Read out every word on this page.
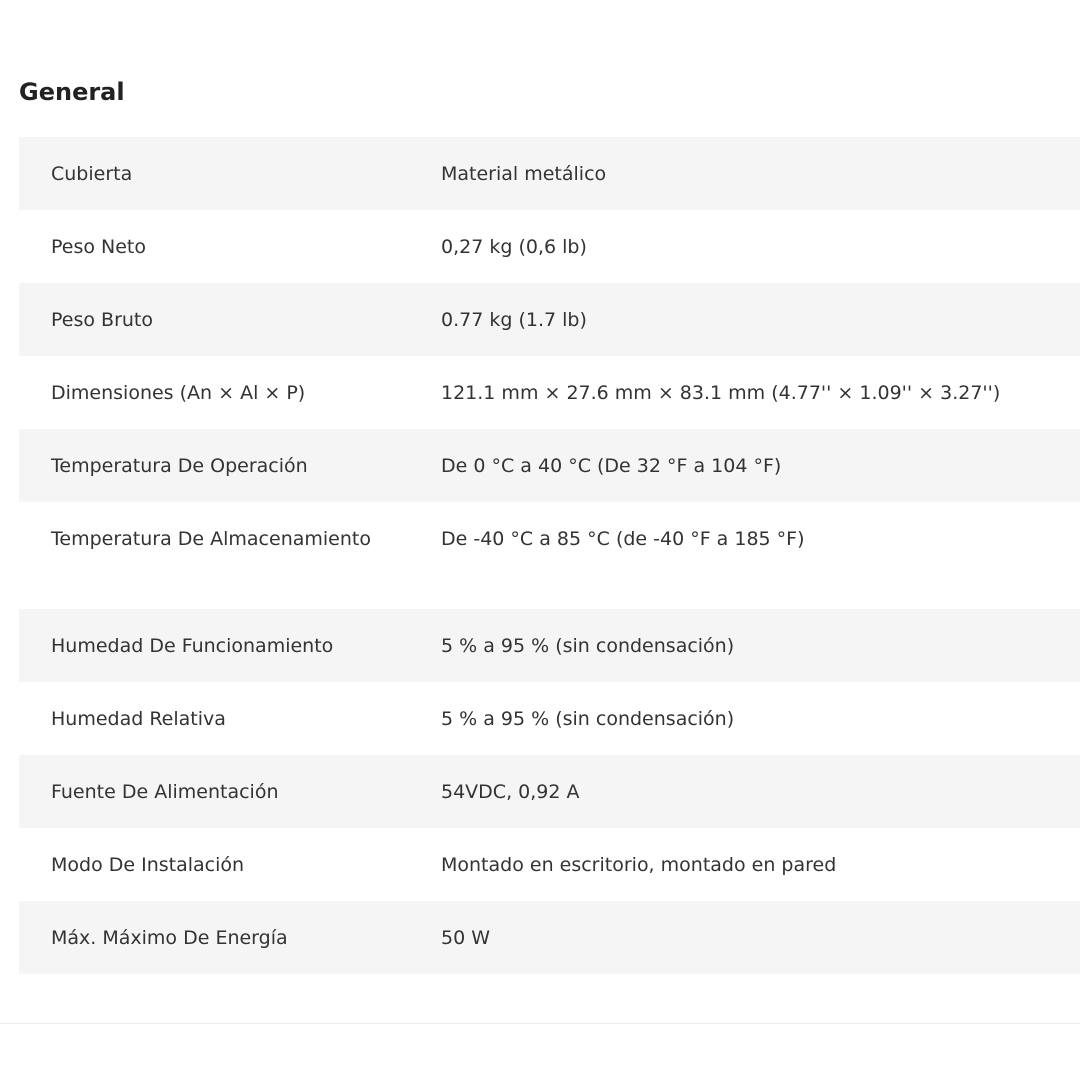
General
Cubierta	Material metálico
Peso Neto	0,27 kg (0,6 lb)
Peso Bruto	0.77 kg (1.7 lb)
Dimensiones (An × Al × P)	121.1 mm × 27.6 mm × 83.1 mm (4.77'' × 1.09'' × 3.27'')
Temperatura De Operación	De 0 °C a 40 °C (De 32 °F a 104 °F)
Temperatura De Almacenamiento	De -40 °C a 85 °C (de -40 °F a 185 °F)
Humedad De Funcionamiento	5 % a 95 % (sin condensación)
Humedad Relativa	5 % a 95 % (sin condensación)
Fuente De Alimentación	54VDC, 0,92 A
Modo De Instalación	Montado en escritorio, montado en pared
Máx. Máximo De Energía	50 W
